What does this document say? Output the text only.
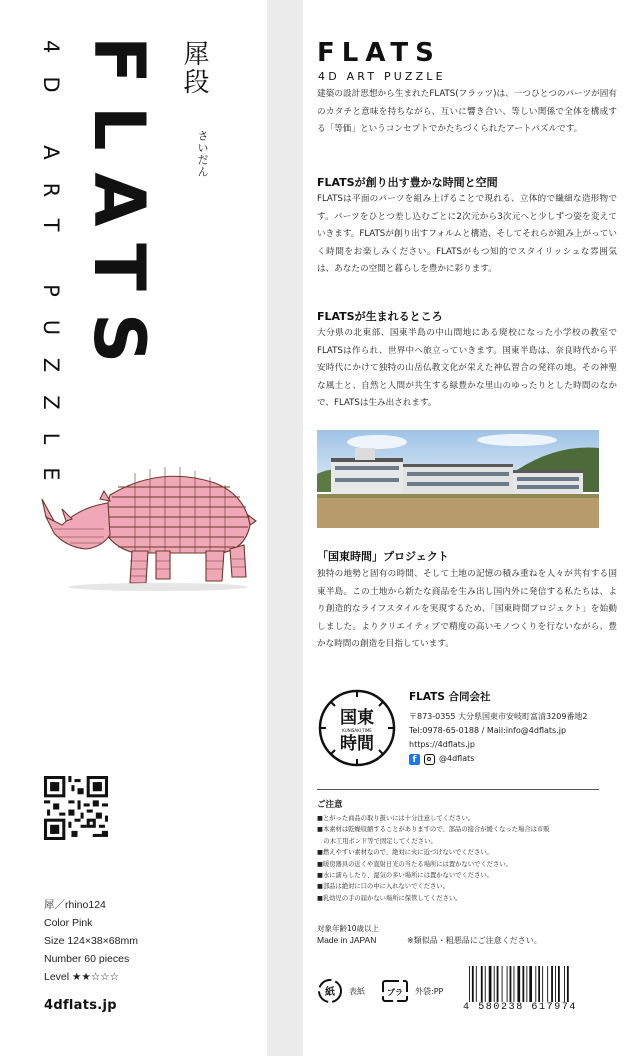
FLATS
4D ART PUZZLE	犀段
さいだん
犀／rhino124
Color Pink
Size 124×38×68mm
Number 60 pieces
Level ★★☆☆☆
4dflats.jp
FLATS
4D ART PUZZLE

建築の設計思想から生まれたFLATS(フラッツ)は、一つひとつのパーツが固有のカタチと意味を持ちながら、互いに響き合い、等しい関係で全体を構成する「等価」というコンセプトでかたちづくられたアートパズルです。

FLATSが創り出す豊かな時間と空間

FLATSは平面のパーツを組み上げることで現れる、立体的で繊細な造形物です。パーツをひとつ差し込むごとに2次元から3次元へと少しずつ姿を変えていきます。FLATSが創り出すフォルムと構造、そしてそれらが組み上がっていく時間をお楽しみください。FLATSがもつ知的でスタイリッシュな雰囲気は、あなたの空間と暮らしを豊かに彩ります。

FLATSが生まれるところ

大分県の北東部、国東半島の中山間地にある廃校になった小学校の教室でFLATSは作られ、世界中へ旅立っていきます。国東半島は、奈良時代から平安時代にかけて独特の山岳仏教文化が栄えた神仏習合の発祥の地。その神聖な風土と、自然と人間が共生する緑豊かな里山のゆったりとした時間のなかで、FLATSは生み出されます。

「国東時間」プロジェクト

独特の地勢と固有の時間、そして土地の記憶の積み重ねを人々が共有する国東半島。この土地から新たな商品を生み出し国内外に発信する私たちは、より創造的なライフスタイルを実現するため、「国東時間プロジェクト」を始動しました。よりクリエイティブで精度の高いモノつくりを行ないながら、豊かな時間の創造を目指しています。

国東
KUNISAKI TIME
時間
FLATS 合同会社
〒873-0355 大分県国東市安岐町富清3209番地2
Tel:0978-65-0188 / Mail:info@4dflats.jp
https://4dflats.jp
f	@4dflats
ご注意
■とがった商品の取り扱いには十分注意してください。
■本素材は乾燥収縮することがありますので、部品の接合が緩くなった場合は市販
　の木工用ボンド等で固定してください。
■燃えやすい素材なので、絶対に火に近づけないでください。
■暖房器具の近くや直射日光の当たる場所には置かないでください。
■水に濡らしたり、湿気の多い場所には置かないでください。
■部品は絶対に口の中に入れないでください。
■乳幼児の手の届かない場所に保管してください。
対象年齢10歳以上
Made in JAPAN	※類似品・粗悪品にご注意ください。
紙 表紙	プラ 外袋:PP
4 580238 617974
